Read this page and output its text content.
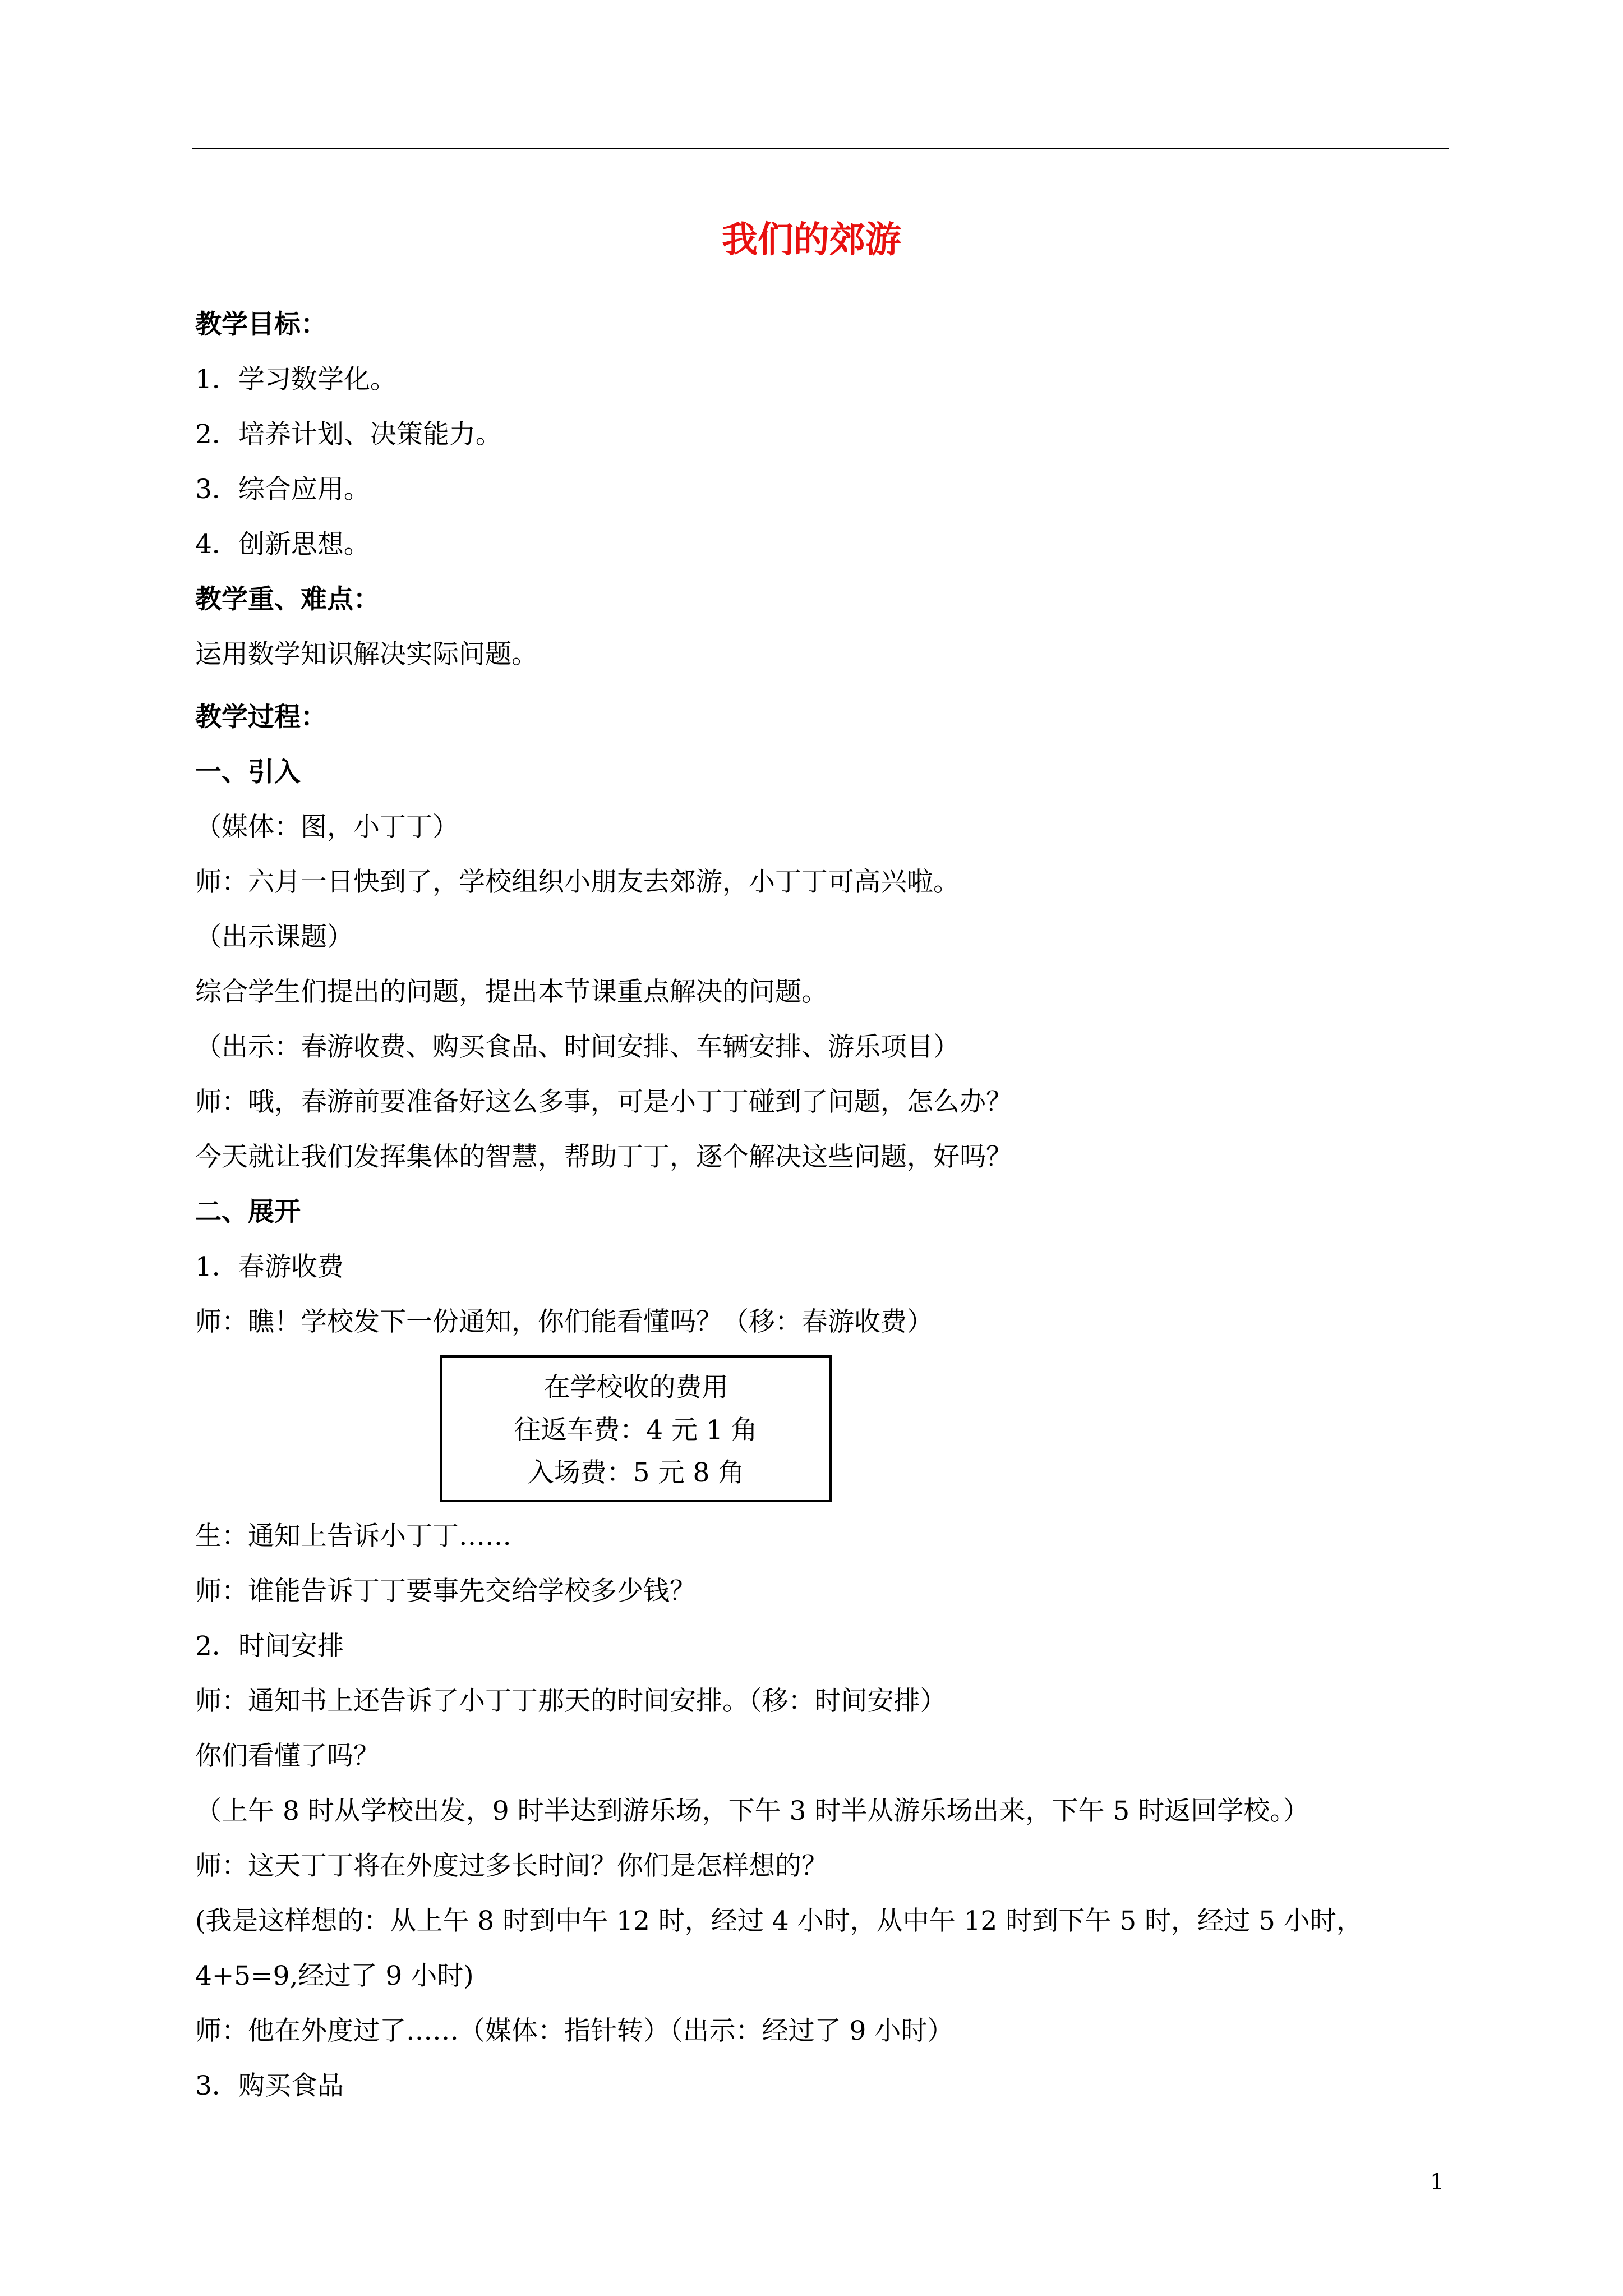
我们的郊游
教学目标：
1．学习数学化。
2．培养计划、决策能力。
3．综合应用。
4．创新思想。
教学重、难点：
运用数学知识解决实际问题。
教学过程：
一、引入
（媒体：图，小丁丁）
师：六月一日快到了，学校组织小朋友去郊游，小丁丁可高兴啦。
（出示课题）
综合学生们提出的问题，提出本节课重点解决的问题。
（出示：春游收费、购买食品、时间安排、车辆安排、游乐项目）
师：哦，春游前要准备好这么多事，可是小丁丁碰到了问题，怎么办？
今天就让我们发挥集体的智慧，帮助丁丁，逐个解决这些问题，好吗？
二、展开
1．春游收费
师：瞧！学校发下一份通知，你们能看懂吗？（移：春游收费）
在学校收的费用
往返车费：4 元 1 角
入场费：5 元 8 角
生：通知上告诉小丁丁……
师：谁能告诉丁丁要事先交给学校多少钱？
2．时间安排
师：通知书上还告诉了小丁丁那天的时间安排。（移：时间安排）
你们看懂了吗？
（上午 8 时从学校出发，9 时半达到游乐场，下午 3 时半从游乐场出来，下午 5 时返回学校。）
师：这天丁丁将在外度过多长时间？你们是怎样想的？
(我是这样想的：从上午 8 时到中午 12 时，经过 4 小时，从中午 12 时到下午 5 时，经过 5 小时，
4+5=9,经过了 9 小时)
师：他在外度过了……（媒体：指针转）（出示：经过了 9 小时）
3．购买食品
1
